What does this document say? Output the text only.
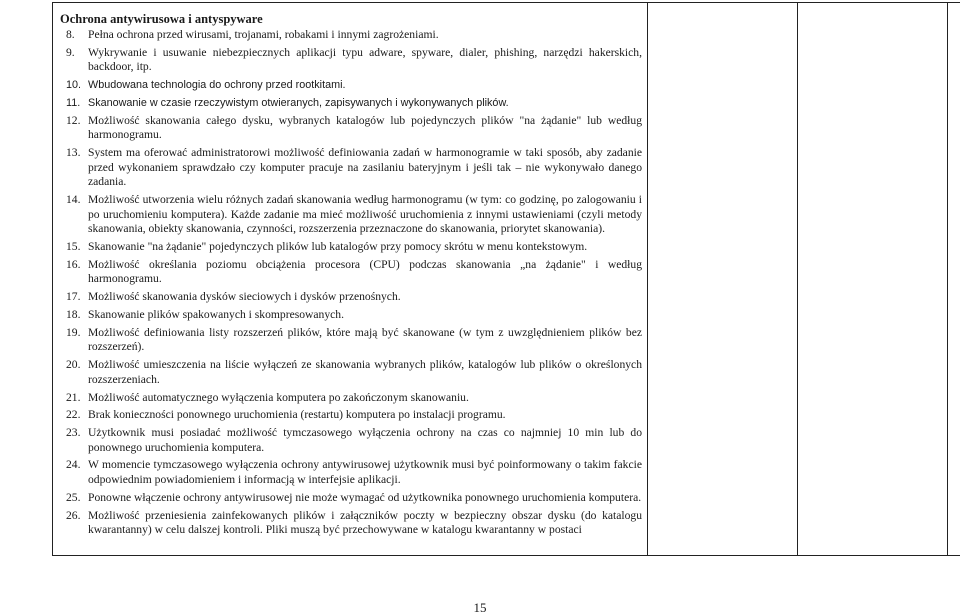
Ochrona antywirusowa i antyspyware
8. Pełna ochrona przed wirusami, trojanami, robakami i innymi zagrożeniami.
9. Wykrywanie i usuwanie niebezpiecznych aplikacji typu adware, spyware, dialer, phishing, narzędzi hakerskich, backdoor, itp.
10. Wbudowana technologia do ochrony przed rootkitami.
11. Skanowanie w czasie rzeczywistym otwieranych, zapisywanych i wykonywanych plików.
12. Możliwość skanowania całego dysku, wybranych katalogów lub pojedynczych plików "na żądanie" lub według harmonogramu.
13. System ma oferować administratorowi możliwość definiowania zadań w harmonogramie w taki sposób, aby zadanie przed wykonaniem sprawdzało czy komputer pracuje na zasilaniu bateryjnym i jeśli tak – nie wykonywało danego zadania.
14. Możliwość utworzenia wielu różnych zadań skanowania według harmonogramu (w tym: co godzinę, po zalogowaniu i po uruchomieniu komputera). Każde zadanie ma mieć możliwość uruchomienia z innymi ustawieniami (czyli metody skanowania, obiekty skanowania, czynności, rozszerzenia przeznaczone do skanowania, priorytet skanowania).
15. Skanowanie "na żądanie" pojedynczych plików lub katalogów przy pomocy skrótu w menu kontekstowym.
16. Możliwość określania poziomu obciążenia procesora (CPU) podczas skanowania „na żądanie" i według harmonogramu.
17. Możliwość skanowania dysków sieciowych i dysków przenośnych.
18. Skanowanie plików spakowanych i skompresowanych.
19. Możliwość definiowania listy rozszerzeń plików, które mają być skanowane (w tym z uwzględnieniem plików bez rozszerzeń).
20. Możliwość umieszczenia na liście wyłączeń ze skanowania wybranych plików, katalogów lub plików o określonych rozszerzeniach.
21. Możliwość automatycznego wyłączenia komputera po zakończonym skanowaniu.
22. Brak konieczności ponownego uruchomienia (restartu) komputera po instalacji programu.
23. Użytkownik musi posiadać możliwość tymczasowego wyłączenia ochrony na czas co najmniej 10 min lub do ponownego uruchomienia komputera.
24. W momencie tymczasowego wyłączenia ochrony antywirusowej użytkownik musi być poinformowany o takim fakcie odpowiednim powiadomieniem i informacją w interfejsie aplikacji.
25. Ponowne włączenie ochrony antywirusowej nie może wymagać od użytkownika ponownego uruchomienia komputera.
26. Możliwość przeniesienia zainfekowanych plików i załączników poczty w bezpieczny obszar dysku (do katalogu kwarantanny) w celu dalszej kontroli. Pliki muszą być przechowywane w katalogu kwarantanny w postaci
15
